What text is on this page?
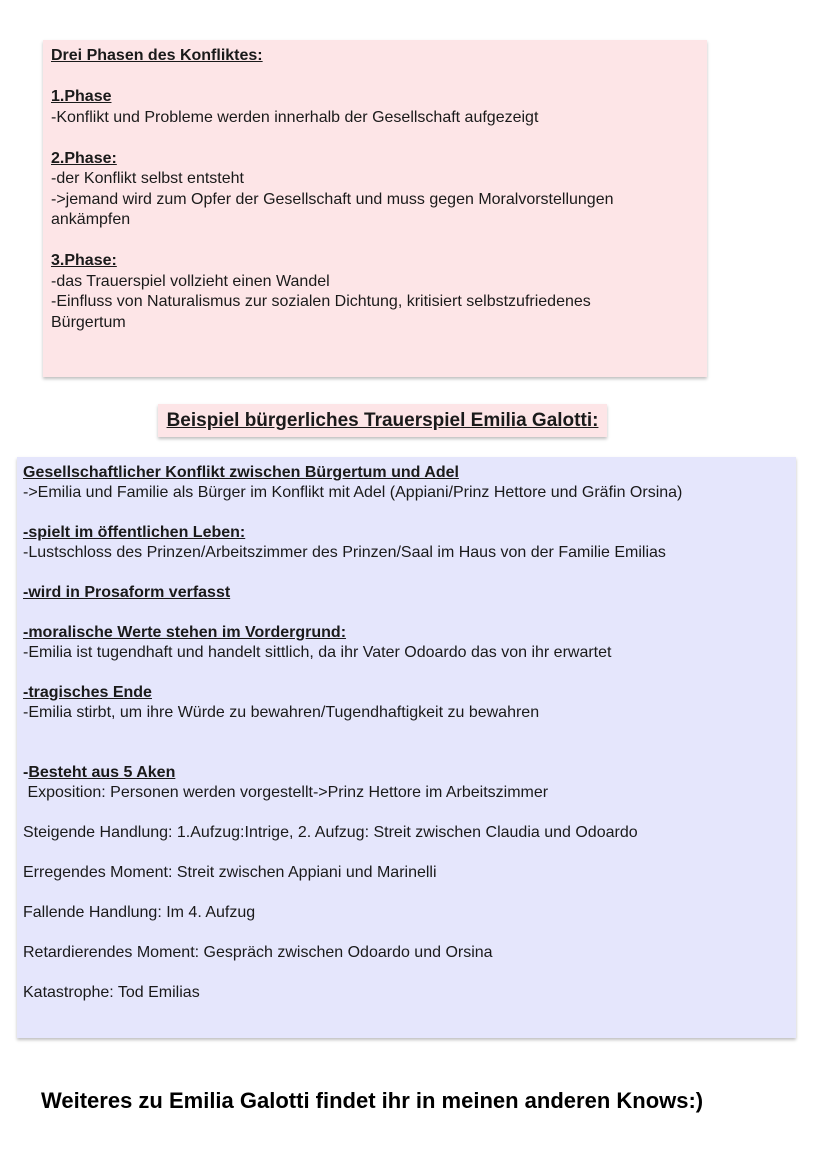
Drei Phasen des Konfliktes:
1.Phase
-Konflikt und Probleme werden innerhalb der Gesellschaft aufgezeigt
2.Phase:
-der Konflikt selbst entsteht
->jemand wird zum Opfer der Gesellschaft und muss gegen Moralvorstellungen
ankämpfen
3.Phase:
-das Trauerspiel vollzieht einen Wandel
-Einfluss von Naturalismus zur sozialen Dichtung, kritisiert selbstzufriedenes
Bürgertum
Beispiel bürgerliches Trauerspiel Emilia Galotti:
Gesellschaftlicher Konflikt zwischen Bürgertum und Adel
->Emilia und Familie als Bürger im Konflikt mit Adel (Appiani/Prinz Hettore und Gräfin Orsina)
-spielt im öffentlichen Leben:
-Lustschloss des Prinzen/Arbeitszimmer des Prinzen/Saal im Haus von der Familie Emilias
-wird in Prosaform verfasst
-moralische Werte stehen im Vordergrund:
-Emilia ist tugendhaft und handelt sittlich, da ihr Vater Odoardo das von ihr erwartet
-tragisches Ende
-Emilia stirbt, um ihre Würde zu bewahren/Tugendhaftigkeit zu bewahren
-Besteht aus 5 Aken
Exposition: Personen werden vorgestellt->Prinz Hettore im Arbeitszimmer
Steigende Handlung: 1.Aufzug:Intrige, 2. Aufzug: Streit zwischen Claudia und Odoardo
Erregendes Moment: Streit zwischen Appiani und Marinelli
Fallende Handlung: Im 4. Aufzug
Retardierendes Moment: Gespräch zwischen Odoardo und Orsina
Katastrophe: Tod Emilias
Weiteres zu Emilia Galotti findet ihr in meinen anderen Knows:)
